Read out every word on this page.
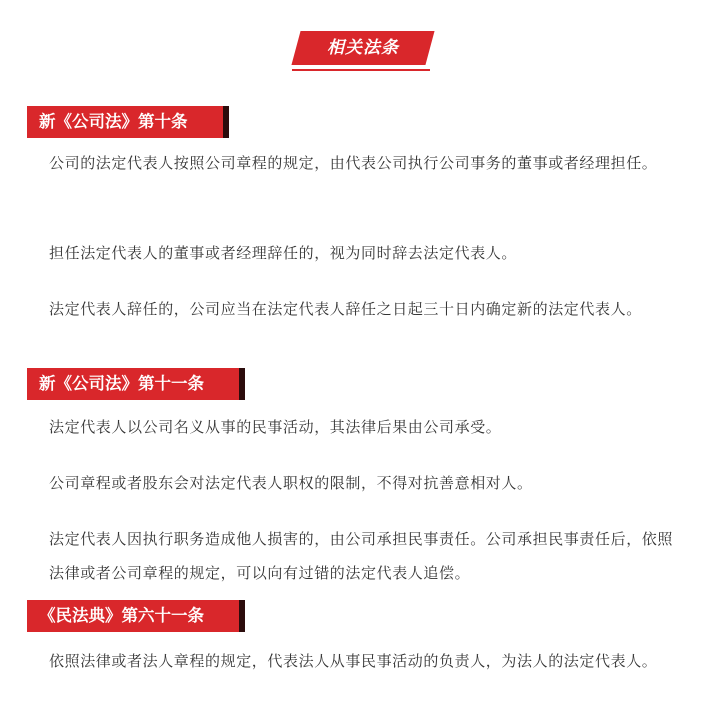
相关法条
新《公司法》第十条

公司的法定代表人按照公司章程的规定，由代表公司执行公司事务的董事或者经理担任。

担任法定代表人的董事或者经理辞任的，视为同时辞去法定代表人。

法定代表人辞任的，公司应当在法定代表人辞任之日起三十日内确定新的法定代表人。

新《公司法》第十一条

法定代表人以公司名义从事的民事活动，其法律后果由公司承受。

公司章程或者股东会对法定代表人职权的限制，不得对抗善意相对人。

法定代表人因执行职务造成他人损害的，由公司承担民事责任。公司承担民事责任后，依照法律或者公司章程的规定，可以向有过错的法定代表人追偿。

《民法典》第六十一条

依照法律或者法人章程的规定，代表法人从事民事活动的负责人，为法人的法定代表人。
